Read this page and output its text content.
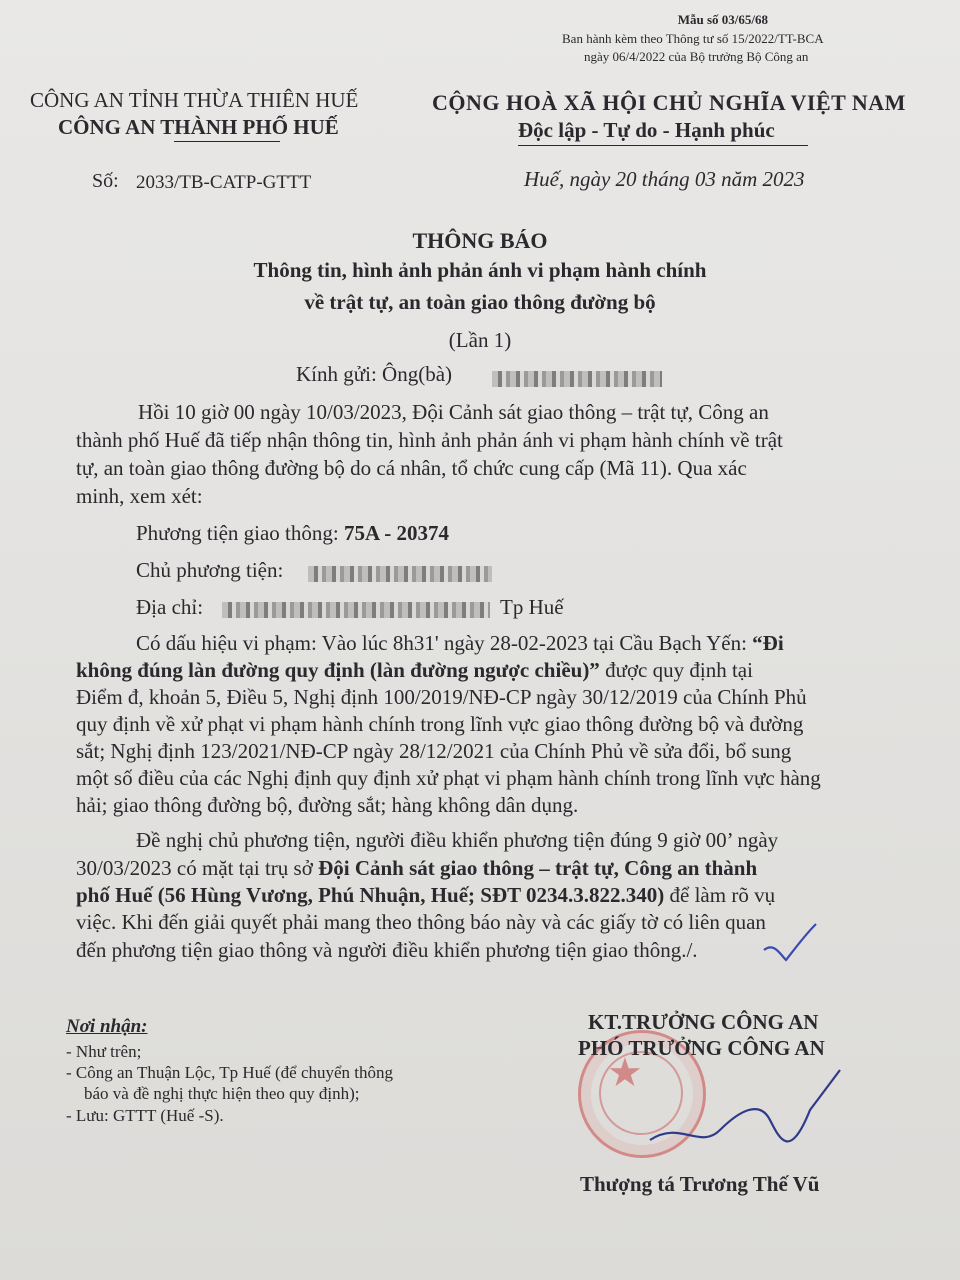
Mẫu số 03/65/68
Ban hành kèm theo Thông tư số 15/2022/TT-BCA
ngày 06/4/2022 của Bộ trưởng Bộ Công an
CÔNG AN TỈNH THỪA THIÊN HUẾ
CÔNG AN THÀNH PHỐ HUẾ
CỘNG HOÀ XÃ HỘI CHỦ NGHĨA VIỆT NAM
Độc lập - Tự do - Hạnh phúc
Số: 2033/TB-CATP-GTTT	Huế, ngày 20 tháng 03 năm 2023
THÔNG BÁO
Thông tin, hình ảnh phản ánh vi phạm hành chính
về trật tự, an toàn giao thông đường bộ
(Lần 1)
Kính gửi: Ông(bà)
Hồi 10 giờ 00 ngày 10/03/2023, Đội Cảnh sát giao thông – trật tự, Công an
thành phố Huế đã tiếp nhận thông tin, hình ảnh phản ánh vi phạm hành chính về trật
tự, an toàn giao thông đường bộ do cá nhân, tổ chức cung cấp (Mã 11). Qua xác
minh, xem xét:
Phương tiện giao thông: 75A - 20374
Chủ phương tiện:
Địa chỉ:	Tp Huế
Có dấu hiệu vi phạm: Vào lúc 8h31' ngày 28-02-2023 tại Cầu Bạch Yến: “Đi
không đúng làn đường quy định (làn đường ngược chiều)” được quy định tại
Điểm đ, khoản 5, Điều 5, Nghị định 100/2019/NĐ-CP ngày 30/12/2019 của Chính Phủ
quy định về xử phạt vi phạm hành chính trong lĩnh vực giao thông đường bộ và đường
sắt; Nghị định 123/2021/NĐ-CP ngày 28/12/2021 của Chính Phủ về sửa đổi, bổ sung
một số điều của các Nghị định quy định xử phạt vi phạm hành chính trong lĩnh vực hàng
hải; giao thông đường bộ, đường sắt; hàng không dân dụng.
Đề nghị chủ phương tiện, người điều khiển phương tiện đúng 9 giờ 00’ ngày
30/03/2023 có mặt tại trụ sở Đội Cảnh sát giao thông – trật tự, Công an thành
phố Huế (56 Hùng Vương, Phú Nhuận, Huế; SĐT 0234.3.822.340) để làm rõ vụ
việc. Khi đến giải quyết phải mang theo thông báo này và các giấy tờ có liên quan
đến phương tiện giao thông và người điều khiển phương tiện giao thông./.
Nơi nhận:
- Như trên;
- Công an Thuận Lộc, Tp Huế (để chuyển thông
báo và đề nghị thực hiện theo quy định);
- Lưu: GTTT (Huế -S).
★
KT.TRƯỞNG CÔNG AN
PHÓ TRƯỞNG CÔNG AN
Thượng tá Trương Thế Vũ
